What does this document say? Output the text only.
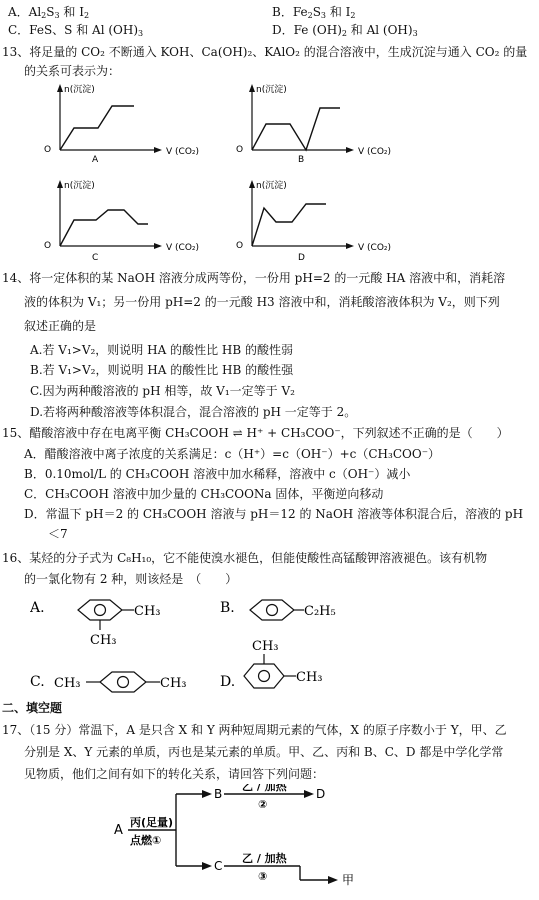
A．$Al_2S_3$ 和 $I_2$	B．$Fe_2S_3$ 和 $I_2$
C．FeS、S 和 Al $(OH)_3$	D．Fe $(OH)_2$ 和 Al $(OH)_3$
13、将足量的 CO₂ 不断通入 KOH、Ca(OH)₂、KAlO₂ 的混合溶液中，生成沉淀与通入 CO₂ 的量
的关系可表示为：
n(沉淀)
O	V (CO₂)
A
n(沉淀)
O	V (CO₂)
B
n(沉淀)
O	V (CO₂)
C
n(沉淀)
O	V (CO₂)
D
14、将一定体积的某 NaOH 溶液分成两等份，一份用 pH=2 的一元酸 HA 溶液中和，消耗溶
液的体积为 V₁；另一份用 pH=2 的一元酸 H3 溶液中和，消耗酸溶液体积为 V₂，则下列
叙述正确的是
A.若 V₁>V₂，则说明 HA 的酸性比 HB 的酸性弱
B.若 V₁>V₂，则说明 HA 的酸性比 HB 的酸性强
C.因为两种酸溶液的 pH 相等，故 V₁一定等于 V₂
D.若将两种酸溶液等体积混合，混合溶液的 pH 一定等于 2。
15、醋酸溶液中存在电离平衡 CH₃COOH ⇌ H⁺ + CH₃COO⁻，下列叙述不正确的是（　　）
A．醋酸溶液中离子浓度的关系满足：c（H⁺）=c（OH⁻）+c（CH₃COO⁻）
B．0.10mol/L 的 CH₃COOH 溶液中加水稀释，溶液中 c（OH⁻）减小
C．CH₃COOH 溶液中加少量的 CH₃COONa 固体，平衡逆向移动
D．常温下 pH＝2 的 CH₃COOH 溶液与 pH＝12 的 NaOH 溶液等体积混合后，溶液的 pH
＜7
16、某烃的分子式为 C₈H₁₀，它不能使溴水褪色，但能使酸性高锰酸钾溶液褪色。该有机物
的一氯化物有 2 种，则该烃是　（　　）
A.	CH₃
CH₃
B.	C₂H₅
C. CH₃	CH₃ D.
CH₃
CH₃
二、填空题
17、（15 分）常温下，A 是只含 X 和 Y 两种短周期元素的气体，X 的原子序数小于 Y，甲、乙
分别是 X、Y 元素的单质，丙也是某元素的单质。甲、乙、丙和 B、C、D 都是中学化学常
见物质，他们之间有如下的转化关系，请回答下列问题：
A
丙(足量)
点燃①
B
C
D
乙 / 加热
②
乙 / 加热
③	甲
